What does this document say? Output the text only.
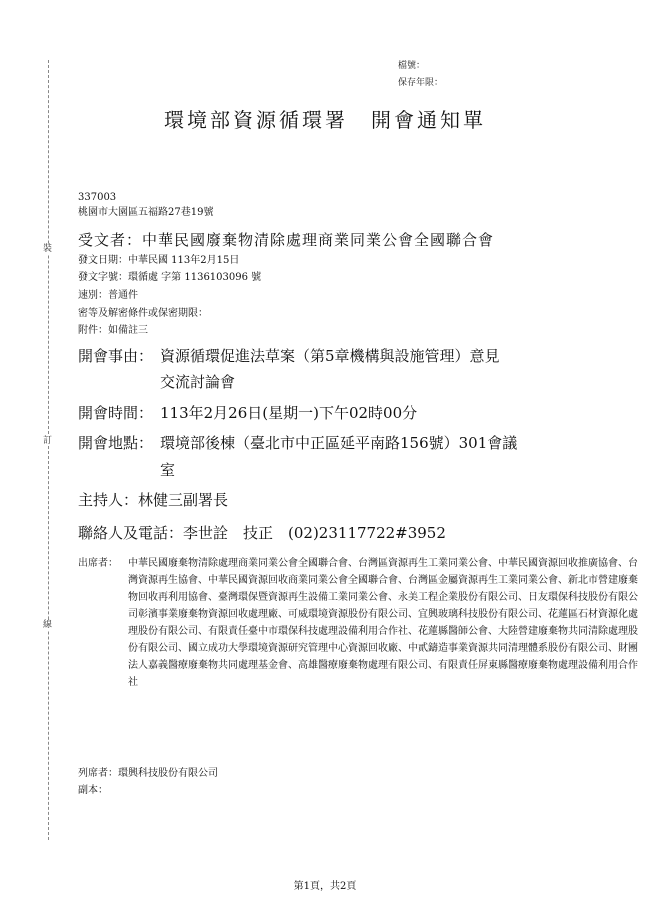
裝
訂
線
檔號：
保存年限：
環境部資源循環署　開會通知單
337003
桃園市大園區五福路27巷19號
受文者：中華民國廢棄物清除處理商業同業公會全國聯合會
發文日期：中華民國 113年2月15日
發文字號：環循處 字第 1136103096 號
速別：普通件
密等及解密條件或保密期限：
附件：如備註三
開會事由： 資源循環促進法草案（第5章機構與設施管理）意見
交流討論會
開會時間： 113年2月26日(星期一)下午02時00分
開會地點： 環境部後棟（臺北市中正區延平南路156號）301會議
室
主持人：林健三副署長
聯絡人及電話：李世詮　技正　(02)23117722#3952
出席者：	中華民國廢棄物清除處理商業同業公會全國聯合會、台灣區資源再生工業同業公會、中華民國資源回收推廣協會、台灣資源再生協會、中華民國資源回收商業同業公會全國聯合會、台灣區金屬資源再生工業同業公會、新北市營建廢棄物回收再利用協會、臺灣環保暨資源再生設備工業同業公會、永美工程企業股份有限公司、日友環保科技股份有限公司彰濱事業廢棄物資源回收處理廠、可威環境資源股份有限公司、宜興玻璃科技股份有限公司、花蓮區石材資源化處理股份有限公司、有限責任臺中市環保科技處理設備利用合作社、花蓮縣醫師公會、大陸營建廢棄物共同清除處理股份有限公司、國立成功大學環境資源研究管理中心資源回收廠、中貳鑄造事業資源共同清理體系股份有限公司、財團法人嘉義醫療廢棄物共同處理基金會、高雄醫療廢棄物處理有限公司、有限責任屏東縣醫療廢棄物處理設備利用合作社
列席者：環興科技股份有限公司
副本：
第1頁，共2頁
